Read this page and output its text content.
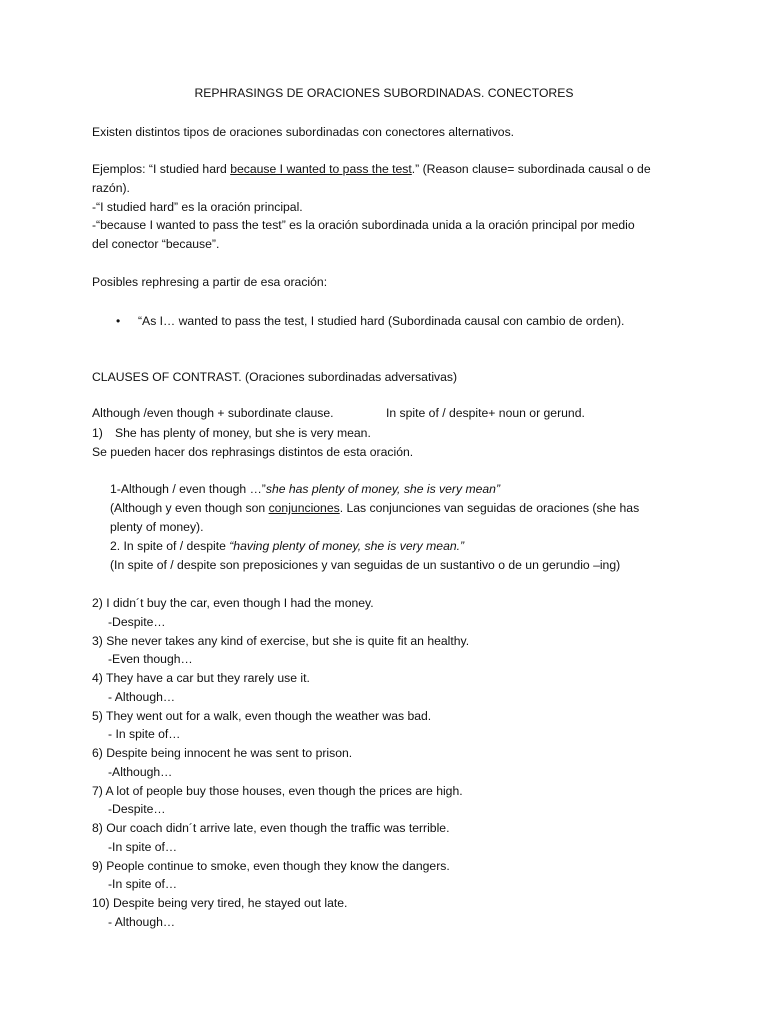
REPHRASINGS DE ORACIONES SUBORDINADAS. CONECTORES
Existen distintos tipos de oraciones subordinadas con conectores alternativos.
Ejemplos: “I studied hard because I wanted to pass the test.” (Reason clause= subordinada causal o de
razón).
-“I studied hard” es la oración principal.
-“because I wanted to pass the test” es la oración subordinada unida a la oración principal por medio
del conector “because”.
Posibles rephresing a partir de esa oración:
• “As I… wanted to pass the test, I studied hard (Subordinada causal con cambio de orden).
CLAUSES OF CONTRAST. (Oraciones subordinadas adversativas)
Although /even though + subordinate clause.	In spite of / despite+ noun or gerund.
1) She has plenty of money, but she is very mean.
Se pueden hacer dos rephrasings distintos de esta oración.
1-Although / even though …”she has plenty of money, she is very mean”
(Although y even though son conjunciones. Las conjunciones van seguidas de oraciones (she has
plenty of money).
2. In spite of / despite “having plenty of money, she is very mean.”
(In spite of / despite son preposiciones y van seguidas de un sustantivo o de un gerundio –ing)
2) I didn´t buy the car, even though I had the money.
-Despite…
3) She never takes any kind of exercise, but she is quite fit an healthy.
-Even though…
4) They have a car but they rarely use it.
- Although…
5) They went out for a walk, even though the weather was bad.
- In spite of…
6) Despite being innocent he was sent to prison.
-Although…
7) A lot of people buy those houses, even though the prices are high.
-Despite…
8) Our coach didn´t arrive late, even though the traffic was terrible.
-In spite of…
9) People continue to smoke, even though they know the dangers.
-In spite of…
10) Despite being very tired, he stayed out late.
- Although…
